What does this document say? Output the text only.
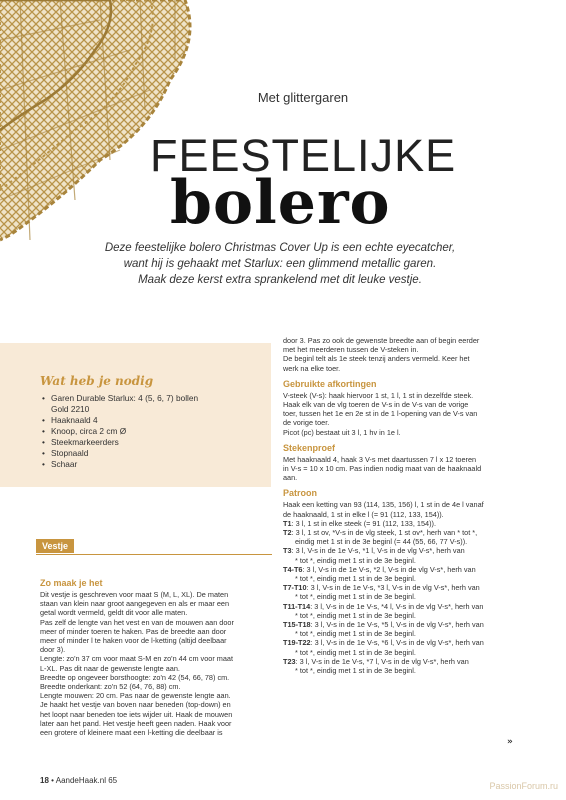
Met glittergaren
FEESTELIJKE
bolero
Deze feestelijke bolero Christmas Cover Up is een echte eyecatcher,
want hij is gehaakt met Starlux: een glimmend metallic garen.
Maak deze kerst extra sprankelend met dit leuke vestje.
Wat heb je nodig
• Garen Durable Starlux: 4 (5, 6, 7) bollen
Gold 2210
• Haaknaald 4
• Knoop, circa 2 cm Ø
• Steekmarkeerders
• Stopnaald
• Schaar
Vestje
Zo maak je het

Dit vestje is geschreven voor maat S (M, L, XL). De maten

staan van klein naar groot aangegeven en als er maar een

getal wordt vermeld, geldt dit voor alle maten.

Pas zelf de lengte van het vest en van de mouwen aan door

meer of minder toeren te haken. Pas de breedte aan door

meer of minder l te haken voor de l-ketting (altijd deelbaar

door 3).

Lengte: zo'n 37 cm voor maat S-M en zo'n 44 cm voor maat

L-XL. Pas dit naar de gewenste lengte aan.

Breedte op ongeveer borsthoogte: zo'n 42 (54, 66, 78) cm.

Breedte onderkant: zo'n 52 (64, 76, 88) cm.

Lengte mouwen: 20 cm. Pas naar de gewenste lengte aan.

Je haakt het vestje van boven naar beneden (top-down) en

het loopt naar beneden toe iets wijder uit. Haak de mouwen

later aan het pand. Het vestje heeft geen naden. Haak voor

een grotere of kleinere maat een l-ketting die deelbaar is

door 3. Pas zo ook de gewenste breedte aan of begin eerder

met het meerderen tussen de V-steken in.

De beginl telt als 1e steek tenzij anders vermeld. Keer het

werk na elke toer.

Gebruikte afkortingen

V-steek (V-s): haak hiervoor 1 st, 1 l, 1 st in dezelfde steek.

Haak elk van de vlg toeren de V-s in de V-s van de vorige

toer, tussen het 1e en 2e st in de 1 l-opening van de V-s van

de vorige toer.

Picot (pc) bestaat uit 3 l, 1 hv in 1e l.

Stekenproef

Met haaknaald 4, haak 3 V-s met daartussen 7 l x 12 toeren

in V-s = 10 x 10 cm. Pas indien nodig maat van de haaknaald

aan.

Patroon

Haak een ketting van 93 (114, 135, 156) l, 1 st in de 4e l vanaf

de haaknaald, 1 st in elke l (= 91 (112, 133, 154)).

T1: 3 l, 1 st in elke steek (= 91 (112, 133, 154)).

T2: 3 l, 1 st ov, *V-s in de vlg steek, 1 st ov*, herh van * tot *,

eindig met 1 st in de 3e beginl (= 44 (55, 66, 77 V-s)).

T3: 3 l, V-s in de 1e V-s, *1 l, V-s in de vlg V-s*, herh van

* tot *, eindig met 1 st in de 3e beginl.

T4-T6: 3 l, V-s in de 1e V-s, *2 l, V-s in de vlg V-s*, herh van

* tot *, eindig met 1 st in de 3e beginl.

T7-T10: 3 l, V-s in de 1e V-s, *3 l, V-s in de vlg V-s*, herh van

* tot *, eindig met 1 st in de 3e beginl.

T11-T14: 3 l, V-s in de 1e V-s, *4 l, V-s in de vlg V-s*, herh van

* tot *, eindig met 1 st in de 3e beginl.

T15-T18: 3 l, V-s in de 1e V-s, *5 l, V-s in de vlg V-s*, herh van

* tot *, eindig met 1 st in de 3e beginl.

T19-T22: 3 l, V-s in de 1e V-s, *6 l, V-s in de vlg V-s*, herh van

* tot *, eindig met 1 st in de 3e beginl.

T23: 3 l, V-s in de 1e V-s, *7 l, V-s in de vlg V-s*, herh van

* tot *, eindig met 1 st in de 3e beginl.

»
18 • AandeHaak.nl 65
PassionForum.ru
